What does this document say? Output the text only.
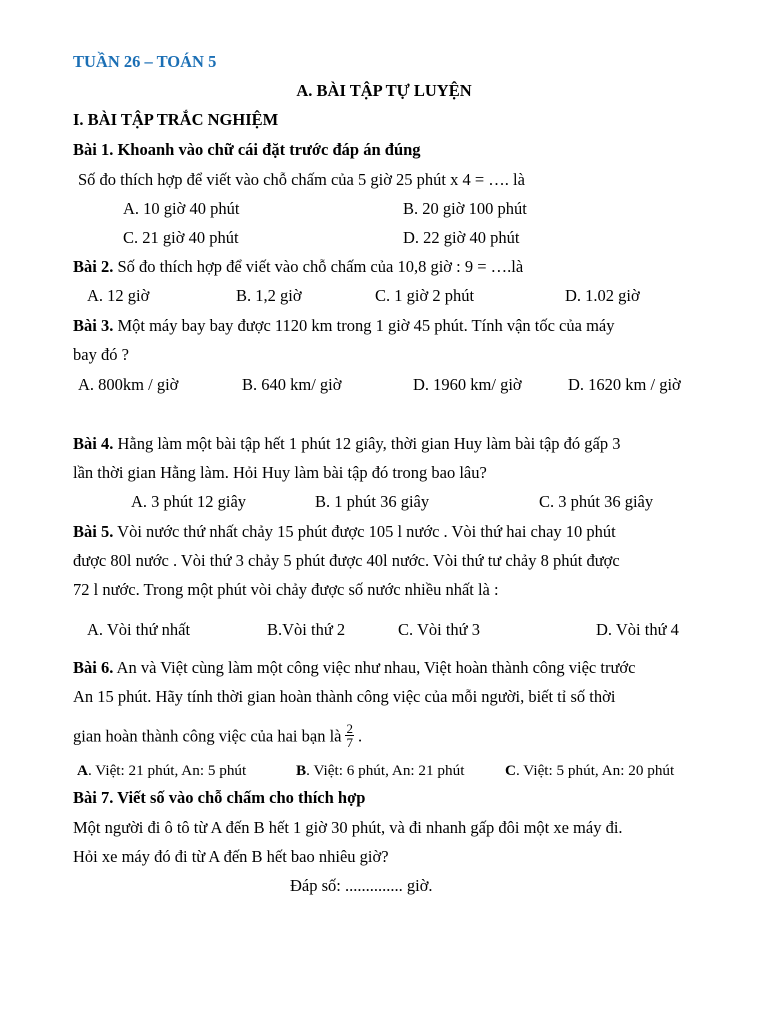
TUẦN 26 – TOÁN 5
A. BÀI TẬP TỰ LUYỆN
I. BÀI TẬP TRẮC NGHIỆM
Bài 1. Khoanh vào chữ cái đặt trước đáp án đúng
Số đo thích hợp để viết vào chỗ chấm của 5 giờ 25 phút x 4 = …. là
A. 10 giờ 40 phút	B. 20 giờ 100 phút
C. 21 giờ 40 phút	D. 22 giờ 40 phút
Bài 2. Số đo thích hợp để viết vào chỗ chấm của 10,8 giờ : 9 = ….là
A. 12 giờ	B. 1,2 giờ	C. 1 giờ 2 phút	D. 1.02 giờ
Bài 3. Một máy bay bay được 1120 km trong 1 giờ 45 phút. Tính vận tốc của máy
bay đó ?
A. 800km / giờ	B. 640 km/ giờ	D. 1960 km/ giờ	D. 1620 km / giờ
Bài 4. Hằng làm một bài tập hết 1 phút 12 giây, thời gian Huy làm bài tập đó gấp 3
lần thời gian Hằng làm. Hỏi Huy làm bài tập đó trong bao lâu?
A. 3 phút 12 giây	B. 1 phút 36 giây	C. 3 phút 36 giây
Bài 5. Vòi nước thứ nhất chảy 15 phút được 105 l nước . Vòi thứ hai chay 10 phút
được 80l nước . Vòi thứ 3 chảy 5 phút được 40l nước. Vòi thứ tư chảy 8 phút được
72 l nước. Trong một phút vòi chảy được số nước nhiều nhất là :
A. Vòi thứ nhất	B.Vòi thứ 2	C. Vòi thứ 3	D. Vòi thứ 4
Bài 6. An và Việt cùng làm một công việc như nhau, Việt hoàn thành công việc trước
An 15 phút. Hãy tính thời gian hoàn thành công việc của mỗi người, biết tỉ số thời
gian hoàn thành công việc của hai bạn là $\frac{2}{7}$ .
A. Việt: 21 phút, An: 5 phút	B. Việt: 6 phút, An: 21 phút	C. Việt: 5 phút, An: 20 phút
Bài 7. Viết số vào chỗ chấm cho thích hợp
Một người đi ô tô từ A đến B hết 1 giờ 30 phút, và đi nhanh gấp đôi một xe máy đi.
Hỏi xe máy đó đi từ A đến B hết bao nhiêu giờ?
Đáp số: .............. giờ.
